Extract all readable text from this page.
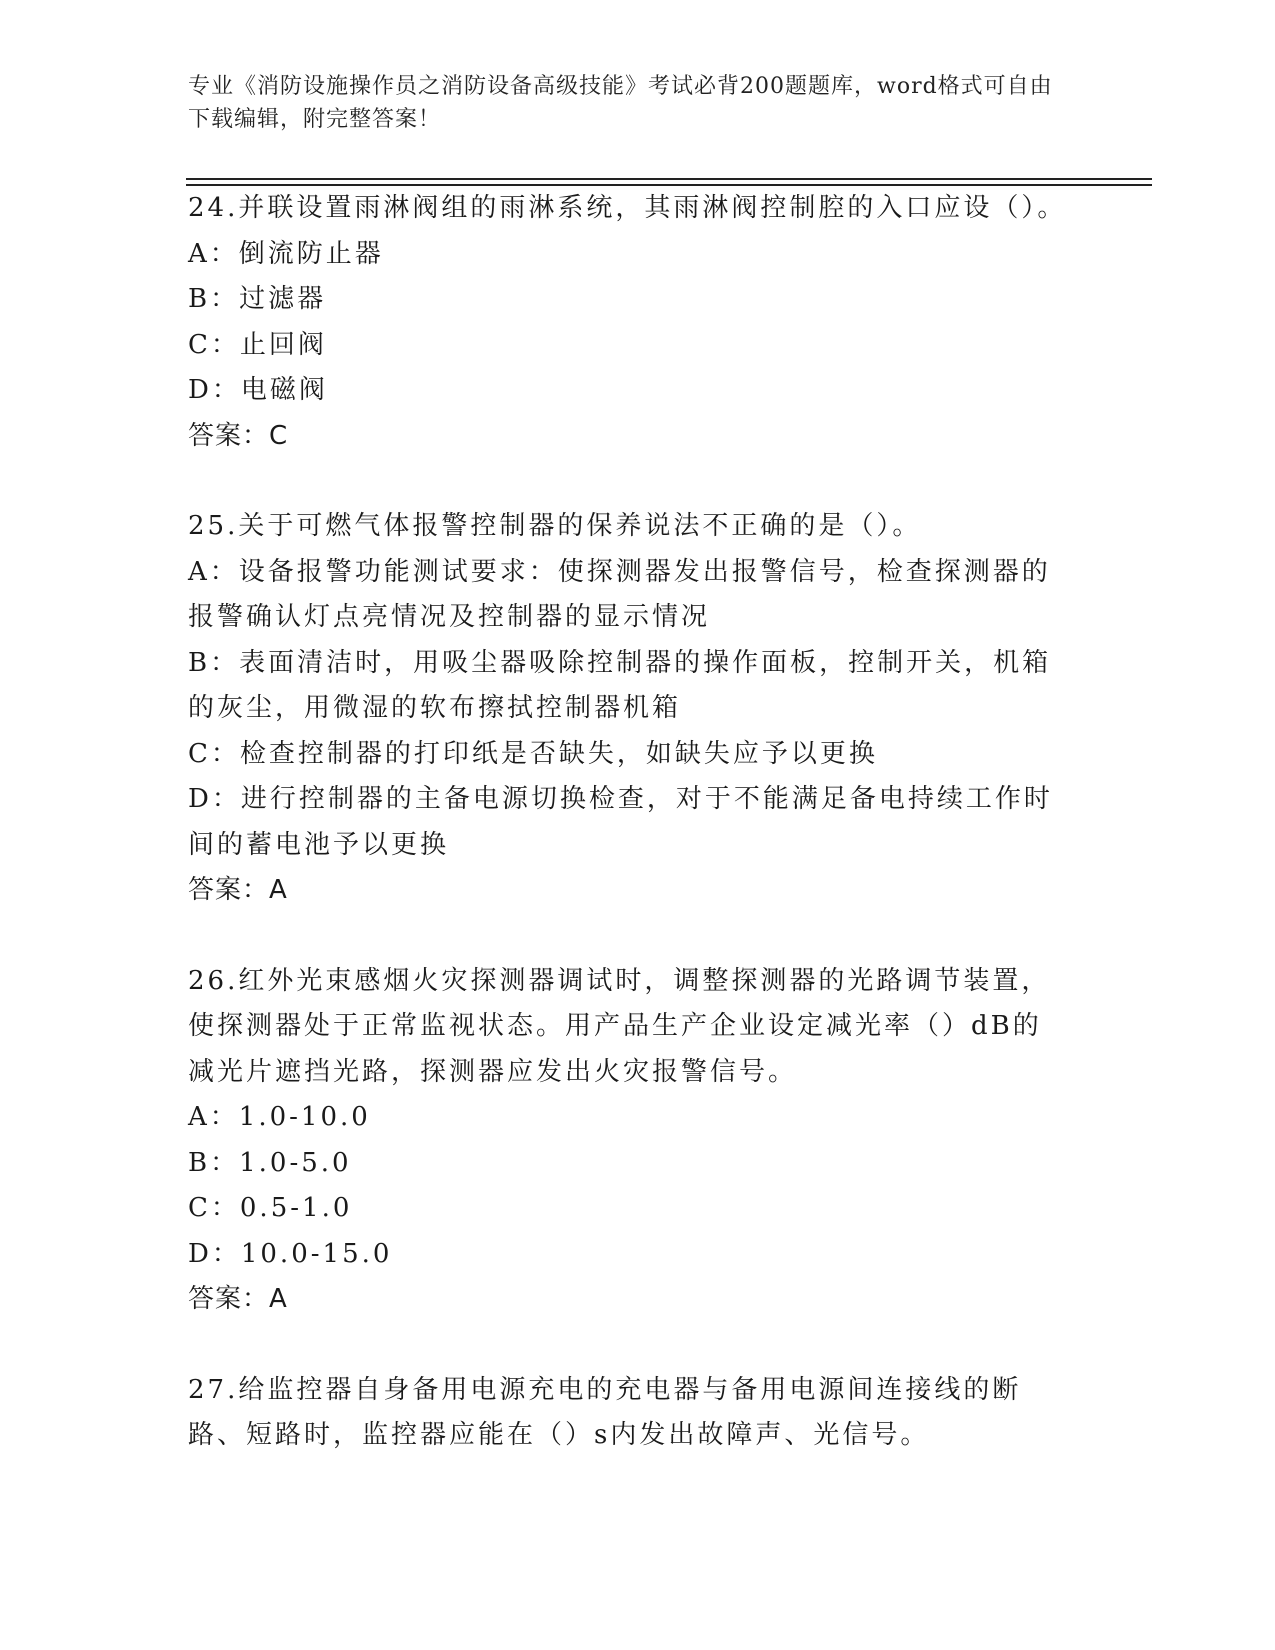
专业《消防设施操作员之消防设备高级技能》考试必背200题题库，word格式可自由下载编辑，附完整答案！
24.并联设置雨淋阀组的雨淋系统，其雨淋阀控制腔的入口应设（）。
A：倒流防止器
B：过滤器
C：止回阀
D：电磁阀
答案：C
25.关于可燃气体报警控制器的保养说法不正确的是（）。
A：设备报警功能测试要求：使探测器发出报警信号，检查探测器的报警确认灯点亮情况及控制器的显示情况
B：表面清洁时，用吸尘器吸除控制器的操作面板，控制开关，机箱的灰尘，用微湿的软布擦拭控制器机箱
C：检查控制器的打印纸是否缺失，如缺失应予以更换
D：进行控制器的主备电源切换检查，对于不能满足备电持续工作时间的蓄电池予以更换
答案：A
26.红外光束感烟火灾探测器调试时，调整探测器的光路调节装置，使探测器处于正常监视状态。用产品生产企业设定减光率（）dB的减光片遮挡光路，探测器应发出火灾报警信号。
A：1.0-10.0
B：1.0-5.0
C：0.5-1.0
D：10.0-15.0
答案：A
27.给监控器自身备用电源充电的充电器与备用电源间连接线的断路、短路时，监控器应能在（）s内发出故障声、光信号。
